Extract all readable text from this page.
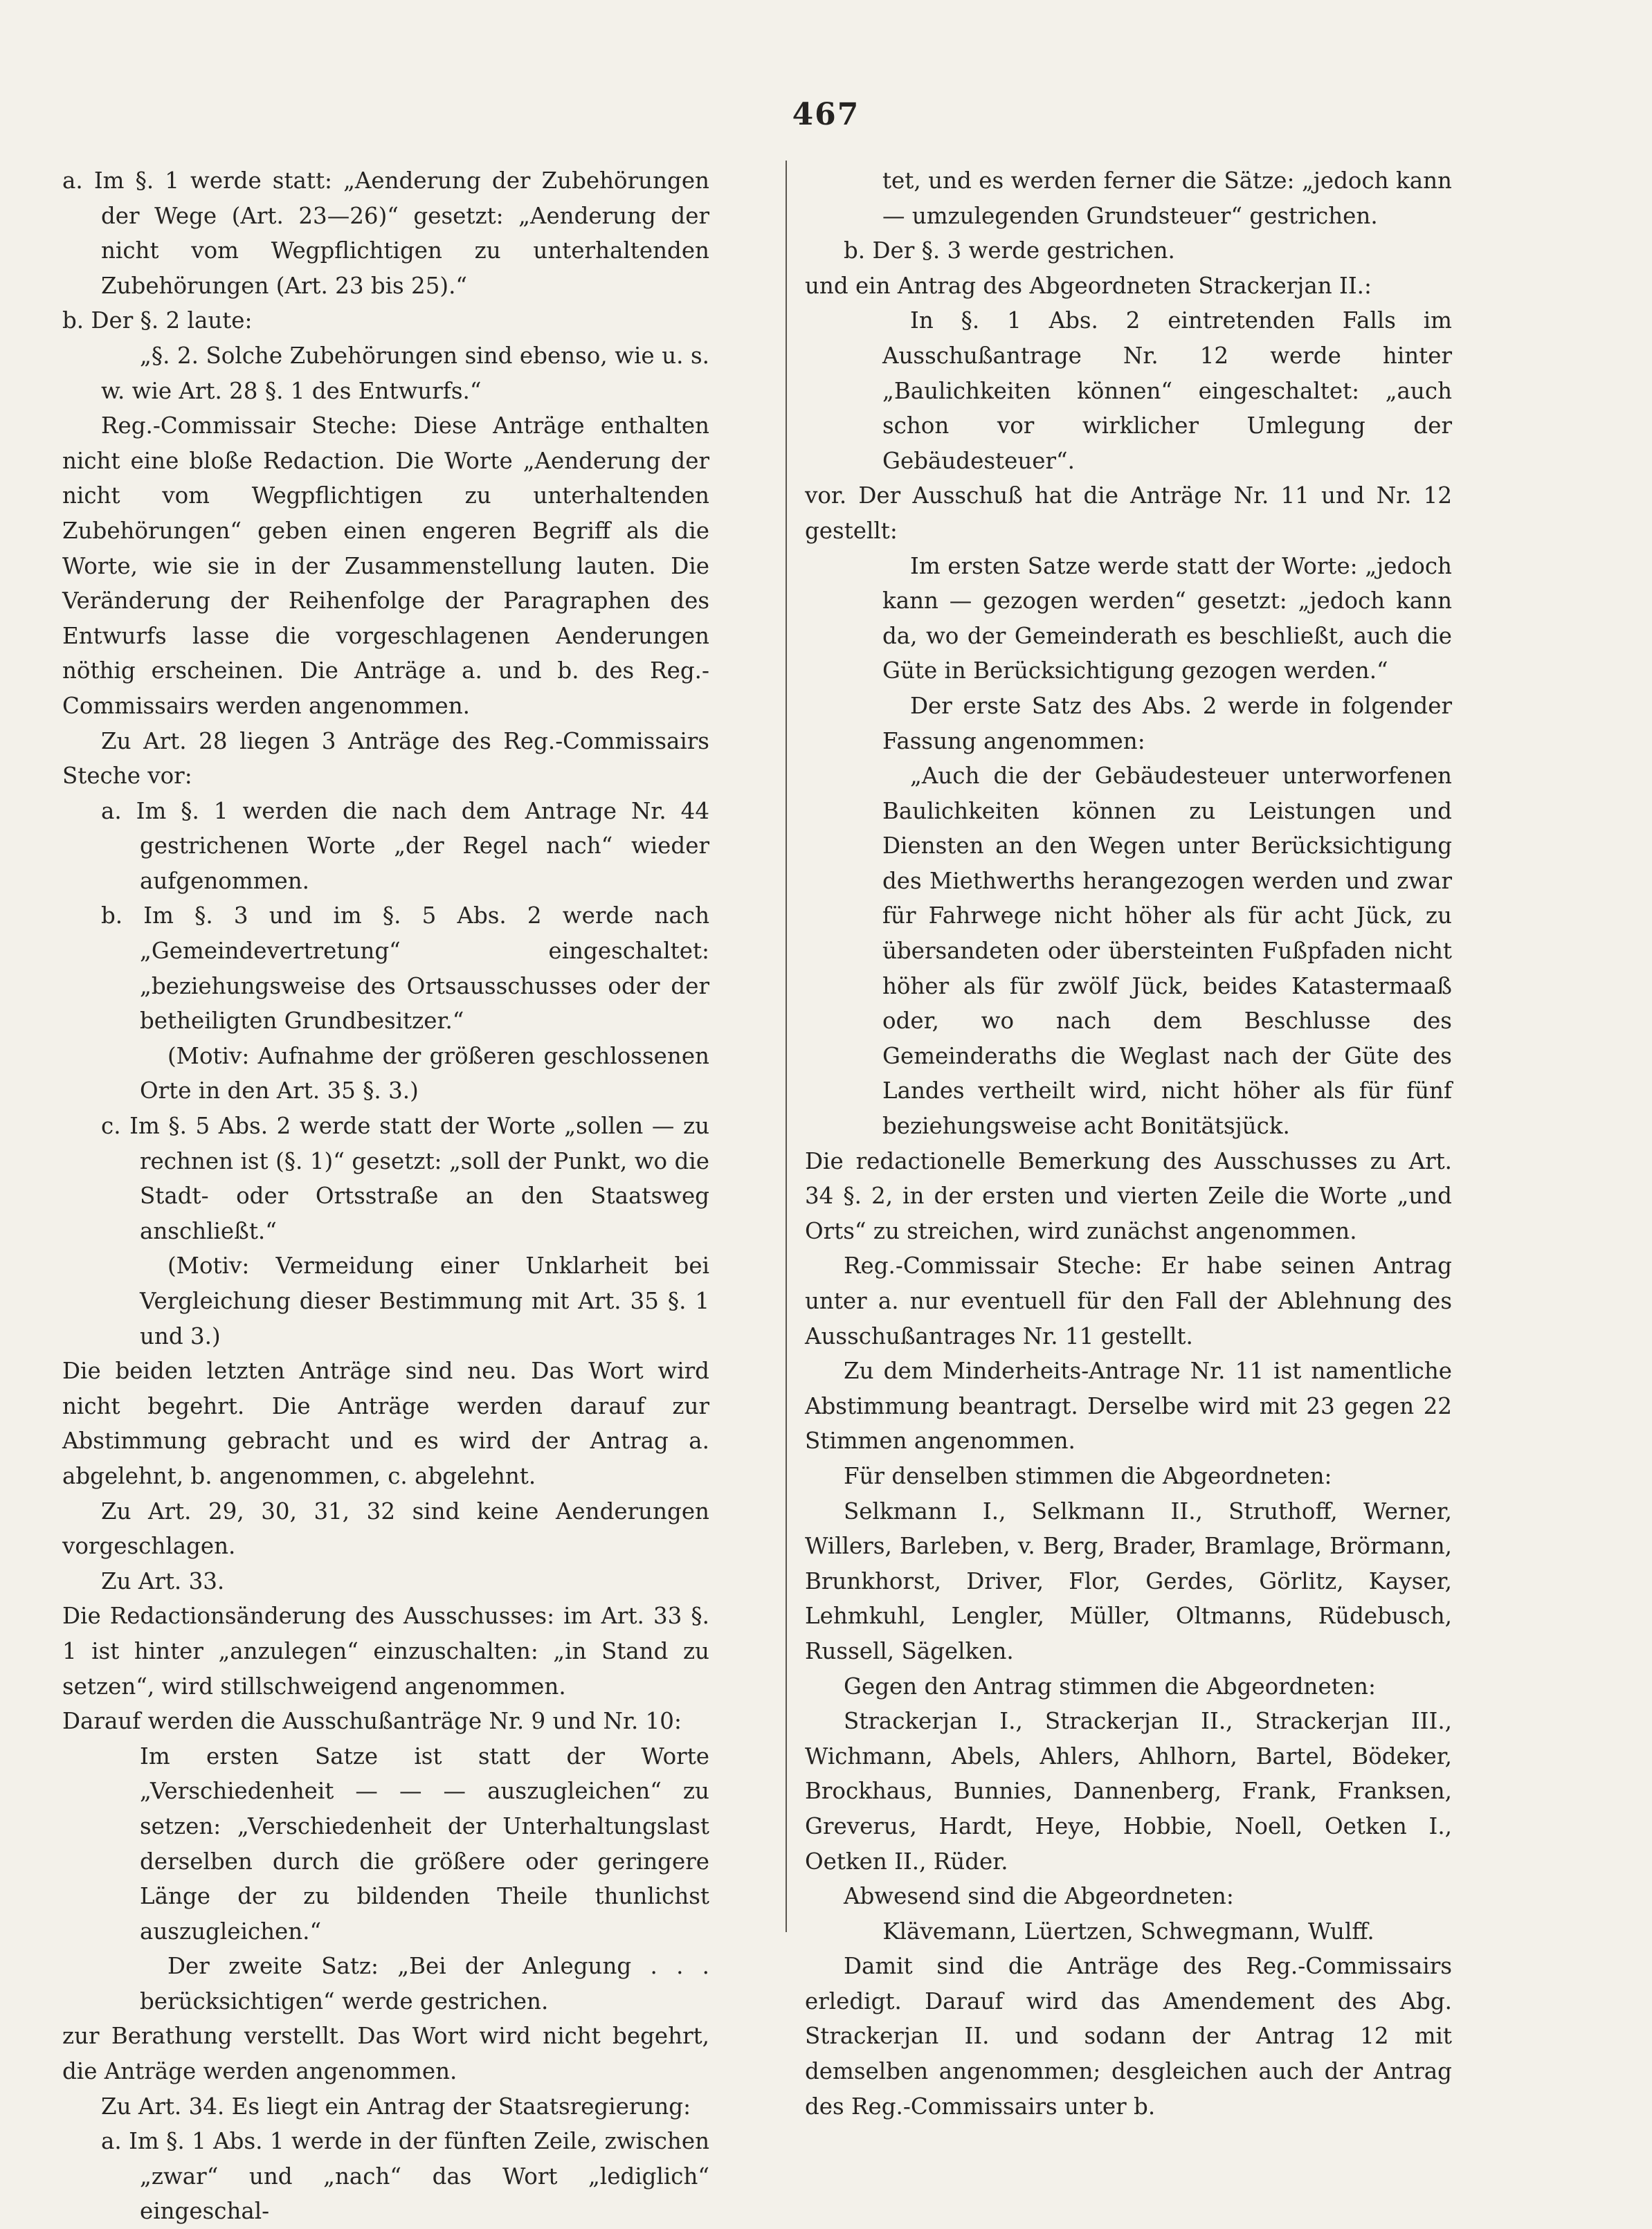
467

a. Im §. 1 werde statt: „Aenderung der Zubehörungen der Wege (Art. 23—26)“ gesetzt: „Aenderung der nicht vom Wegpflichtigen zu unterhaltenden Zubehörungen (Art. 23 bis 25).“

b. Der §. 2 laute:

„§. 2. Solche Zubehörungen sind ebenso, wie u. s. w. wie Art. 28 §. 1 des Entwurfs.“

Reg.-Commissair Steche: Diese Anträge enthalten nicht eine bloße Redaction. Die Worte „Aenderung der nicht vom Wegpflichtigen zu unterhaltenden Zubehörungen“ geben einen engeren Begriff als die Worte, wie sie in der Zusammenstellung lauten. Die Veränderung der Reihenfolge der Paragraphen des Entwurfs lasse die vorgeschlagenen Aenderungen nöthig erscheinen. Die Anträge a. und b. des Reg.-Commissairs werden angenommen.

Zu Art. 28 liegen 3 Anträge des Reg.-Commissairs Steche vor:

a. Im §. 1 werden die nach dem Antrage Nr. 44 gestrichenen Worte „der Regel nach“ wieder aufgenommen.

b. Im §. 3 und im §. 5 Abs. 2 werde nach „Gemeindevertretung“ eingeschaltet: „beziehungsweise des Ortsausschusses oder der betheiligten Grundbesitzer.“

(Motiv: Aufnahme der größeren geschlossenen Orte in den Art. 35 §. 3.)

c. Im §. 5 Abs. 2 werde statt der Worte „sollen — zu rechnen ist (§. 1)“ gesetzt: „soll der Punkt, wo die Stadt- oder Ortsstraße an den Staatsweg anschließt.“

(Motiv: Vermeidung einer Unklarheit bei Vergleichung dieser Bestimmung mit Art. 35 §. 1 und 3.)

Die beiden letzten Anträge sind neu. Das Wort wird nicht begehrt. Die Anträge werden darauf zur Abstimmung gebracht und es wird der Antrag a. abgelehnt, b. angenommen, c. abgelehnt.

Zu Art. 29, 30, 31, 32 sind keine Aenderungen vorgeschlagen.

Zu Art. 33.

Die Redactionsänderung des Ausschusses: im Art. 33 §. 1 ist hinter „anzulegen“ einzuschalten: „in Stand zu setzen“, wird stillschweigend angenommen.

Darauf werden die Ausschußanträge Nr. 9 und Nr. 10:

Im ersten Satze ist statt der Worte „Verschiedenheit — — — auszugleichen“ zu setzen: „Verschiedenheit der Unterhaltungslast derselben durch die größere oder geringere Länge der zu bildenden Theile thunlichst auszugleichen.“

Der zweite Satz: „Bei der Anlegung . . . berücksichtigen“ werde gestrichen.

zur Berathung verstellt. Das Wort wird nicht begehrt, die Anträge werden angenommen.

Zu Art. 34. Es liegt ein Antrag der Staatsregierung:

a. Im §. 1 Abs. 1 werde in der fünften Zeile, zwischen „zwar“ und „nach“ das Wort „lediglich“ eingeschal-

tet, und es werden ferner die Sätze: „jedoch kann — umzulegenden Grundsteuer“ gestrichen.

b. Der §. 3 werde gestrichen.

und ein Antrag des Abgeordneten Strackerjan II.:

In §. 1 Abs. 2 eintretenden Falls im Ausschußantrage Nr. 12 werde hinter „Baulichkeiten können“ eingeschaltet: „auch schon vor wirklicher Umlegung der Gebäudesteuer“.

vor. Der Ausschuß hat die Anträge Nr. 11 und Nr. 12 gestellt:

Im ersten Satze werde statt der Worte: „jedoch kann — gezogen werden“ gesetzt: „jedoch kann da, wo der Gemeinderath es beschließt, auch die Güte in Berücksichtigung gezogen werden.“

Der erste Satz des Abs. 2 werde in folgender Fassung angenommen:

„Auch die der Gebäudesteuer unterworfenen Baulichkeiten können zu Leistungen und Diensten an den Wegen unter Berücksichtigung des Miethwerths herangezogen werden und zwar für Fahrwege nicht höher als für acht Jück, zu übersandeten oder übersteinten Fußpfaden nicht höher als für zwölf Jück, beides Katastermaaß oder, wo nach dem Beschlusse des Gemeinderaths die Weglast nach der Güte des Landes vertheilt wird, nicht höher als für fünf beziehungsweise acht Bonitätsjück.

Die redactionelle Bemerkung des Ausschusses zu Art. 34 §. 2, in der ersten und vierten Zeile die Worte „und Orts“ zu streichen, wird zunächst angenommen.

Reg.-Commissair Steche: Er habe seinen Antrag unter a. nur eventuell für den Fall der Ablehnung des Ausschußantrages Nr. 11 gestellt.

Zu dem Minderheits-Antrage Nr. 11 ist namentliche Abstimmung beantragt. Derselbe wird mit 23 gegen 22 Stimmen angenommen.

Für denselben stimmen die Abgeordneten:

Selkmann I., Selkmann II., Struthoff, Werner, Willers, Barleben, v. Berg, Brader, Bramlage, Brörmann, Brunkhorst, Driver, Flor, Gerdes, Görlitz, Kayser, Lehmkuhl, Lengler, Müller, Oltmanns, Rüdebusch, Russell, Sägelken.

Gegen den Antrag stimmen die Abgeordneten:

Strackerjan I., Strackerjan II., Strackerjan III., Wichmann, Abels, Ahlers, Ahlhorn, Bartel, Bödeker, Brockhaus, Bunnies, Dannenberg, Frank, Franksen, Greverus, Hardt, Heye, Hobbie, Noell, Oetken I., Oetken II., Rüder.

Abwesend sind die Abgeordneten:

Klävemann, Lüertzen, Schwegmann, Wulff.

Damit sind die Anträge des Reg.-Commissairs erledigt. Darauf wird das Amendement des Abg. Strackerjan II. und sodann der Antrag 12 mit demselben angenommen; desgleichen auch der Antrag des Reg.-Commissairs unter b.
